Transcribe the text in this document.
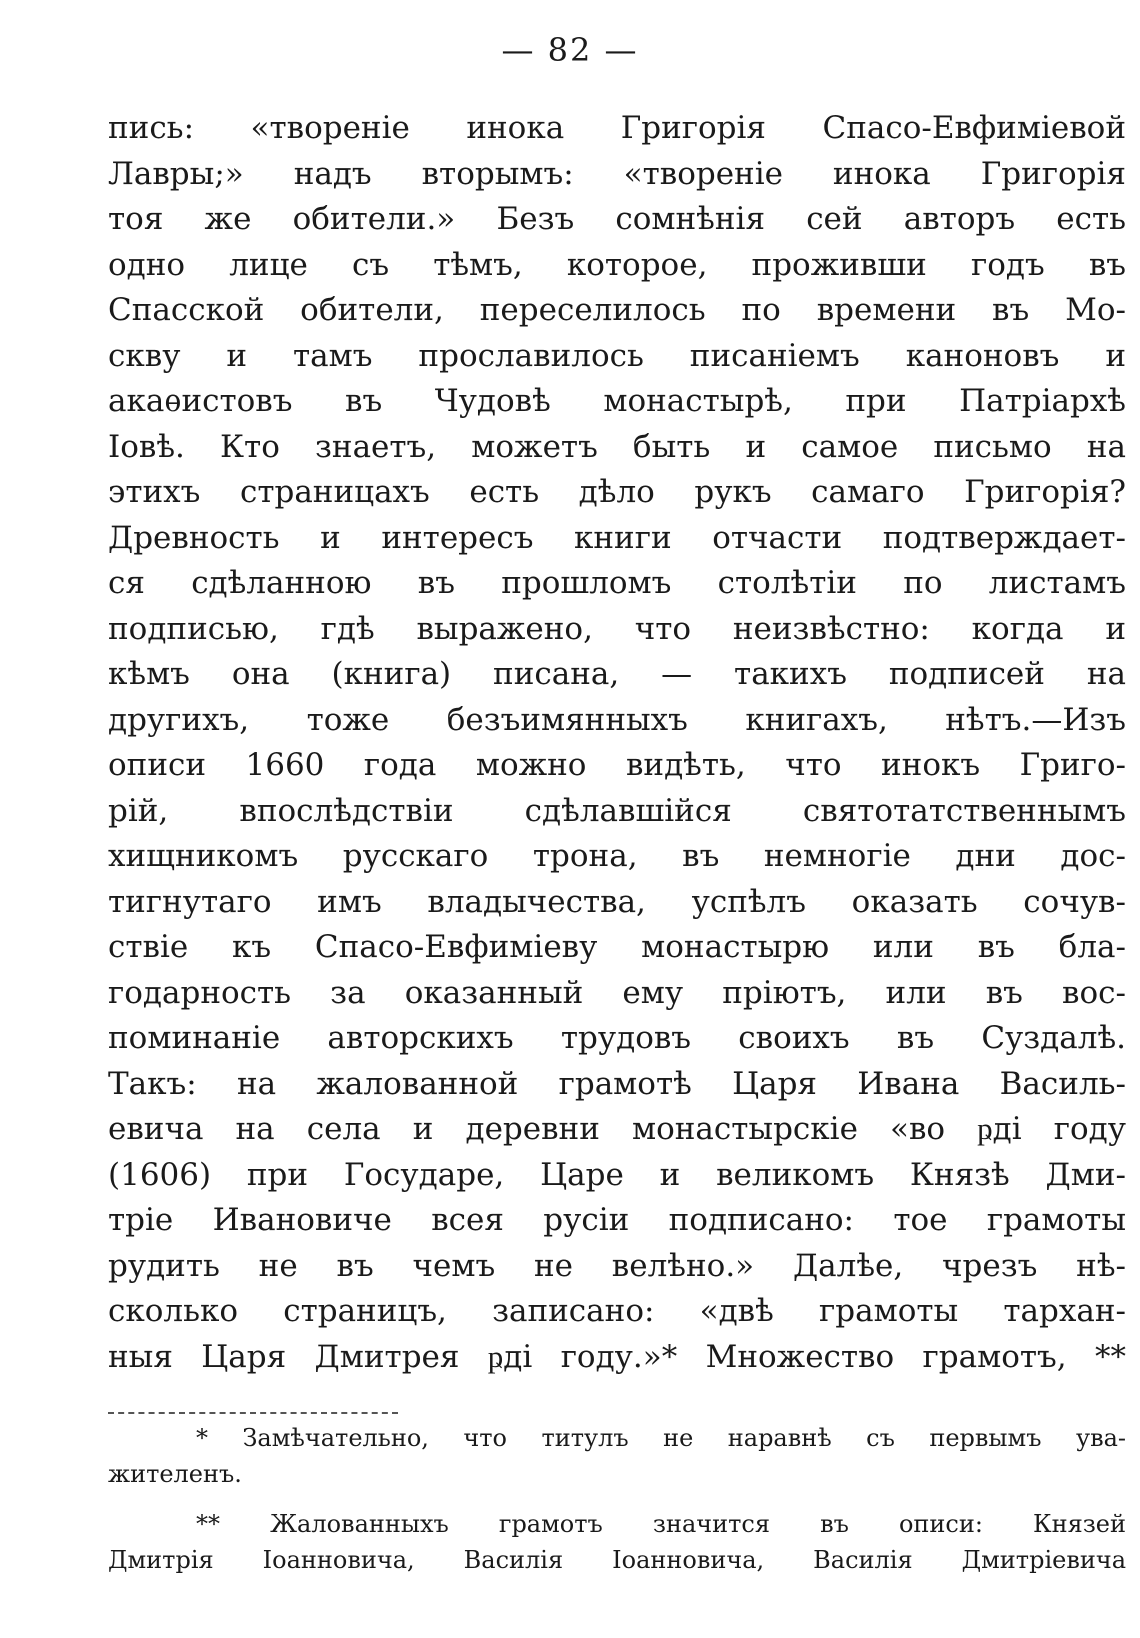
— 82 —
пись: «творенie инока Григорiя Спасо-Евфимiевой
Лавры;» надъ вторымъ: «творенie инока Григорiя
тоя же обители.» Безъ сомнѣнiя сей авторъ есть
одно лице съ тѣмъ, которое, проживши годъ въ
Спасской обители, переселилось по времени въ Мо-
скву и тамъ прославилось писанiемъ каноновъ и
акаѳистовъ въ Чудовѣ монастырѣ, при Патрiархѣ
Iовѣ. Кто знаетъ, можетъ быть и самое письмо на
этихъ страницахъ есть дѣло рукъ самаго Григорiя?
Древность и интересъ книги отчасти подтверждает-
ся сдѣланною въ прошломъ столѣтiи по листамъ
подписью, гдѣ выражено, что неизвѣстно: когда и
кѣмъ она (книга) писана, — такихъ подписей на
другихъ, тоже безъимянныхъ книгахъ, нѣтъ.—Изъ
описи 1660 года можно видѣть, что инокъ Григо-
рiй, впослѣдствiи сдѣлавшiйся святотатственнымъ
хищникомъ русскаго трона, въ немногiе дни дос-
тигнутаго имъ владычества, успѣлъ оказать сочув-
ствiе къ Спасо-Евфимiеву монастырю или въ бла-
годарность за оказанный ему прiютъ, или въ вос-
поминанie авторскихъ трудовъ своихъ въ Суздалѣ.
Такъ: на жалованной грамотѣ Царя Ивана Василь-
евича на села и деревни монастырскiе «во ҏдi году
(1606) при Государе, Царе и великомъ Князѣ Дми-
трiе Ивановиче всея русiи подписано: тое грамоты
рудить не въ чемъ не велѣно.» Далѣе, чрезъ нѣ-
сколько страницъ, записано: «двѣ грамоты тархан-
ныя Царя Дмитрея ҏдi году.»* Множество грамотъ, **
* Замѣчательно, что титулъ не наравнѣ съ первымъ ува-
жителенъ.
** Жалованныхъ грамотъ значится въ описи: Князей
Дмитрiя Iоанновича, Василiя Iоанновича, Василiя Дмитрiевича
